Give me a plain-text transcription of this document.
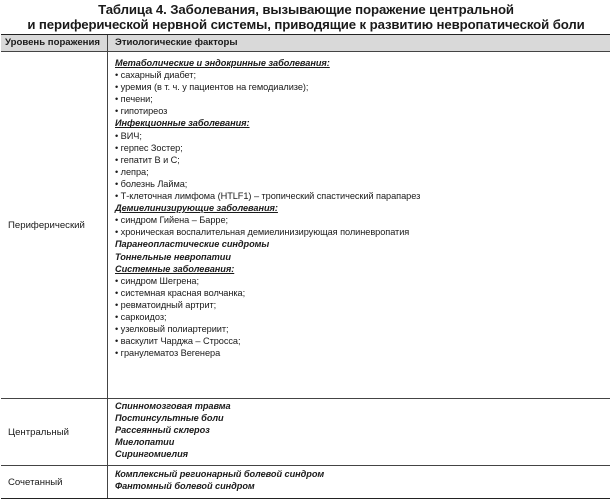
Таблица 4. Заболевания, вызывающие поражение центральной
и периферической нервной системы, приводящие к развитию невропатической боли
Уровень поражения	Этиологические факторы
Периферический
Метаболические и эндокринные заболевания:
• сахарный диабет;
• уремия (в т. ч. у пациентов на гемодиализе);
• печени;
• гипотиреоз
Инфекционные заболевания:
• ВИЧ;
• герпес Зостер;
• гепатит В и С;
• лепра;
• болезнь Лайма;
• Т-клеточная лимфома (HTLF1) – тропический спастический парапарез
Демиелинизирующие заболевания:
• синдром Гийена – Барре;
• хроническая воспалительная демиелинизирующая полиневропатия
Паранеопластические синдромы
Тоннельные невропатии
Системные заболевания:
• синдром Шегрена;
• системная красная волчанка;
• ревматоидный артрит;
• саркоидоз;
• узелковый полиартериит;
• васкулит Чарджа – Стросса;
• гранулематоз Вегенера
Центральный
Спинномозговая травма
Постинсультные боли
Рассеянный склероз
Миелопатии
Сирингомиелия
Сочетанный
Комплексный регионарный болевой синдром
Фантомный болевой синдром
